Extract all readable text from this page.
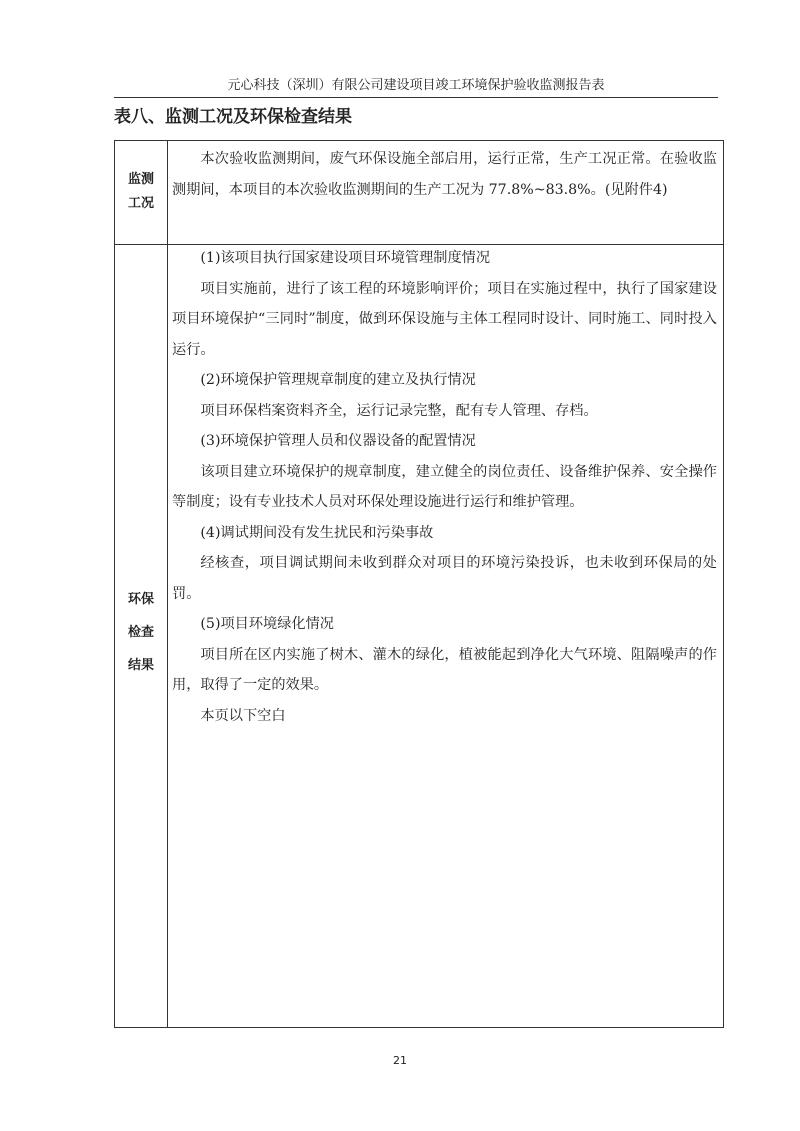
元心科技（深圳）有限公司建设项目竣工环境保护验收监测报告表
表八、监测工况及环保检查结果
监测
工况

本次验收监测期间，废气环保设施全部启用，运行正常，生产工况正常。在验收监测期间，本项目的本次验收监测期间的生产工况为 77.8%~83.8%。(见附件4)

环保
检查
结果

(1)该项目执行国家建设项目环境管理制度情况

项目实施前，进行了该工程的环境影响评价；项目在实施过程中，执行了国家建设项目环境保护“三同时”制度，做到环保设施与主体工程同时设计、同时施工、同时投入运行。

(2)环境保护管理规章制度的建立及执行情况

项目环保档案资料齐全，运行记录完整，配有专人管理、存档。

(3)环境保护管理人员和仪器设备的配置情况

该项目建立环境保护的规章制度，建立健全的岗位责任、设备维护保养、安全操作等制度；设有专业技术人员对环保处理设施进行运行和维护管理。

(4)调试期间没有发生扰民和污染事故

经核查，项目调试期间未收到群众对项目的环境污染投诉，也未收到环保局的处罚。

(5)项目环境绿化情况

项目所在区内实施了树木、灌木的绿化，植被能起到净化大气环境、阻隔噪声的作用，取得了一定的效果。

本页以下空白

21
